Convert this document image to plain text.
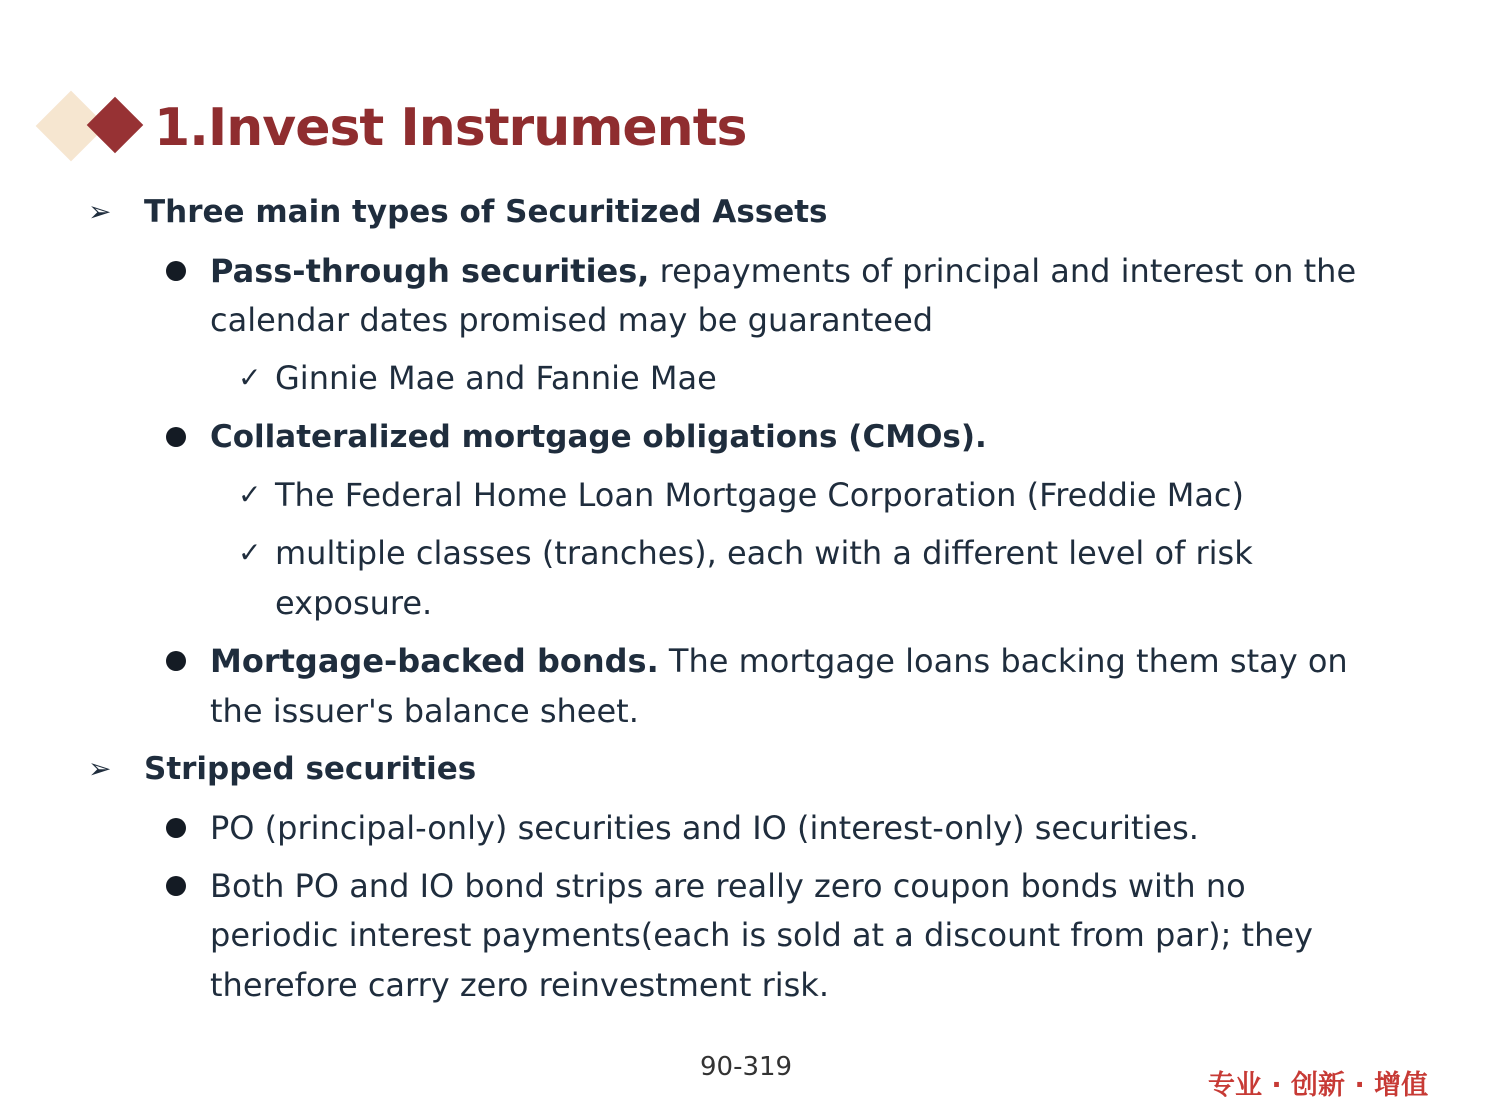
1.Invest Instruments
➢ Three main types of Securitized Assets
Pass-through securities, repayments of principal and interest on the
calendar dates promised may be guaranteed
✓ Ginnie Mae and Fannie Mae
Collateralized mortgage obligations (CMOs).
✓ The Federal Home Loan Mortgage Corporation (Freddie Mac)
✓ multiple classes (tranches), each with a different level of risk
exposure.
Mortgage-backed bonds. The mortgage loans backing them stay on
the issuer's balance sheet.
➢ Stripped securities
PO (principal-only) securities and IO (interest-only) securities.
Both PO and IO bond strips are really zero coupon bonds with no
periodic interest payments(each is sold at a discount from par); they
therefore carry zero reinvestment risk.
90-319
专业 · 创新 · 增值
